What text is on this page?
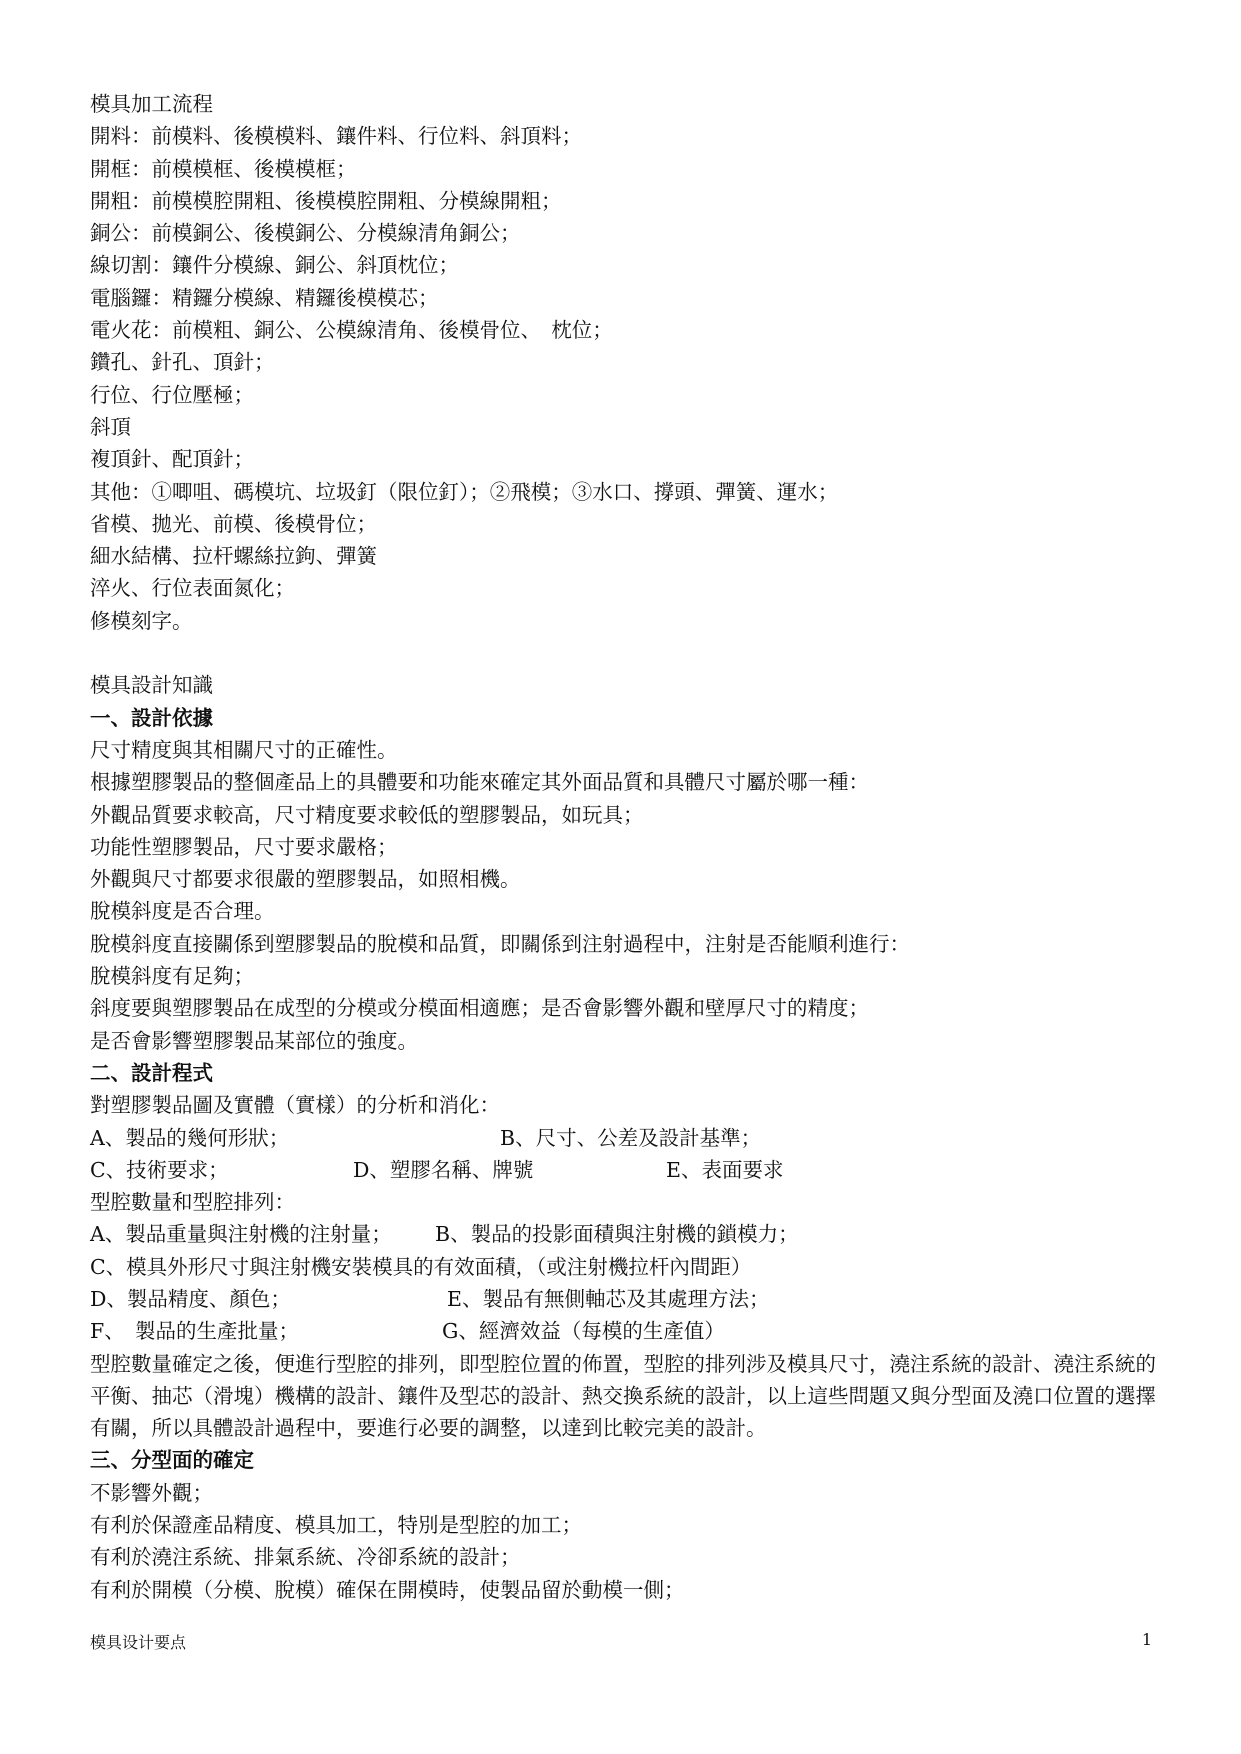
模具加工流程
開料：前模料、後模模料、鑲件料、行位料、斜頂料；
開框：前模模框、後模模框；
開粗：前模模腔開粗、後模模腔開粗、分模線開粗；
銅公：前模銅公、後模銅公、分模線清角銅公；
線切割：鑲件分模線、銅公、斜頂枕位；
電腦鑼：精鑼分模線、精鑼後模模芯；
電火花：前模粗、銅公、公模線清角、後模骨位、　枕位；
鑽孔、針孔、頂針；
行位、行位壓極；
斜頂
複頂針、配頂針；
其他：①唧咀、碼模坑、垃圾釘（限位釘）；②飛模；③水口、撐頭、彈簧、運水；
省模、拋光、前模、後模骨位；
細水結構、拉杆螺絲拉鉤、彈簧
淬火、行位表面氮化；
修模刻字。
模具設計知識
一、設計依據
尺寸精度與其相關尺寸的正確性。
根據塑膠製品的整個產品上的具體要和功能來確定其外面品質和具體尺寸屬於哪一種：
外觀品質要求較高，尺寸精度要求較低的塑膠製品，如玩具；
功能性塑膠製品，尺寸要求嚴格；
外觀與尺寸都要求很嚴的塑膠製品，如照相機。
脫模斜度是否合理。
脫模斜度直接關係到塑膠製品的脫模和品質，即關係到注射過程中，注射是否能順利進行：
脫模斜度有足夠；
斜度要與塑膠製品在成型的分模或分模面相適應；是否會影響外觀和壁厚尺寸的精度；
是否會影響塑膠製品某部位的強度。
二、設計程式
對塑膠製品圖及實體（實樣）的分析和消化：
A、製品的幾何形狀；	B、尺寸、公差及設計基準；
C、技術要求；	D、塑膠名稱、牌號	E、表面要求
型腔數量和型腔排列：
A、製品重量與注射機的注射量； B、製品的投影面積與注射機的鎖模力；
C、模具外形尺寸與注射機安裝模具的有效面積，（或注射機拉杆內間距）
D、製品精度、顏色；	E、製品有無側軸芯及其處理方法；
F、　製品的生產批量；	G、經濟效益（每模的生產值）
型腔數量確定之後，便進行型腔的排列，即型腔位置的佈置，型腔的排列涉及模具尺寸，澆注系統的設計、澆注系統的平衡、抽芯（滑塊）機構的設計、鑲件及型芯的設計、熱交換系統的設計，以上這些問題又與分型面及澆口位置的選擇有關，所以具體設計過程中，要進行必要的調整，以達到比較完美的設計。
三、分型面的確定
不影響外觀；
有利於保證產品精度、模具加工，特別是型腔的加工；
有利於澆注系統、排氣系統、冷卻系統的設計；
有利於開模（分模、脫模）確保在開模時，使製品留於動模一側；
模具设计要点	1
